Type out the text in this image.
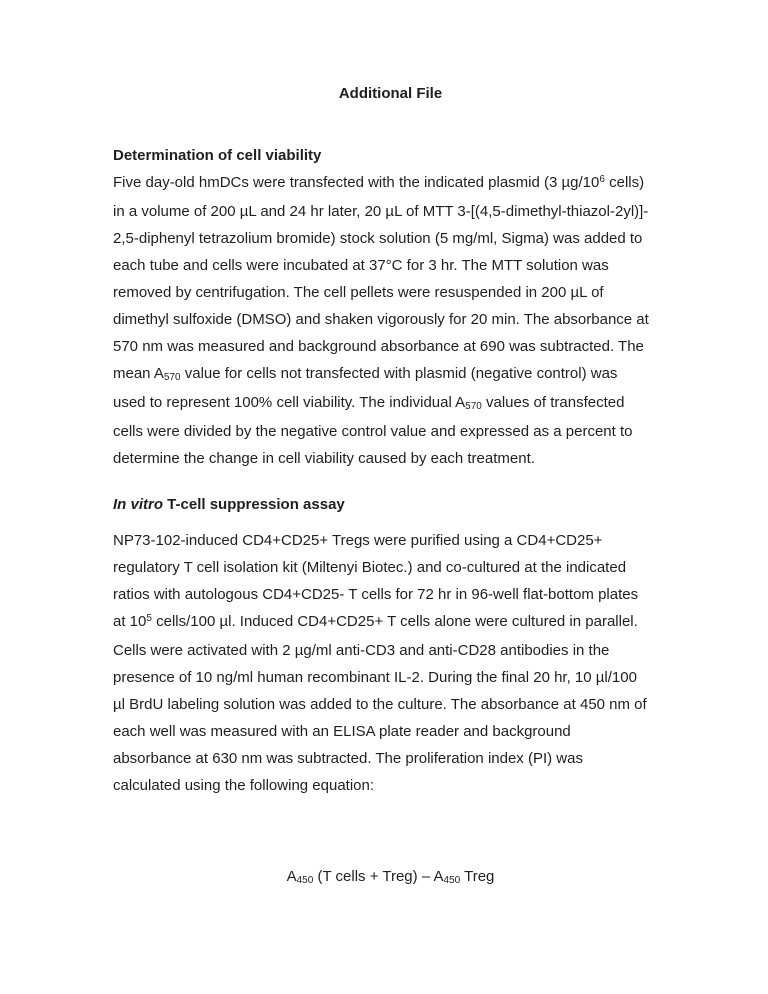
Additional File
Determination of cell viability
Five day-old hmDCs were transfected with the indicated plasmid (3 $\mu g/10^6$ cells)
in a volume of 200 µL and 24 hr later, 20 µL of MTT 3-[(4,5-dimethyl-thiazol-2yl)]-
2,5-diphenyl tetrazolium bromide) stock solution (5 mg/ml, Sigma) was added to
each tube and cells were incubated at 37°C for 3 hr. The MTT solution was
removed by centrifugation. The cell pellets were resuspended in 200 µL of
dimethyl sulfoxide (DMSO) and shaken vigorously for 20 min. The absorbance at
570 nm was measured and background absorbance at 690 was subtracted. The
mean A570 value for cells not transfected with plasmid (negative control) was
used to represent 100% cell viability. The individual A570 values of transfected
cells were divided by the negative control value and expressed as a percent to
determine the change in cell viability caused by each treatment.
In vitro T-cell suppression assay
NP73-102-induced CD4+CD25+ Tregs were purified using a CD4+CD25+
regulatory T cell isolation kit (Miltenyi Biotec.) and co-cultured at the indicated
ratios with autologous CD4+CD25- T cells for 72 hr in 96-well flat-bottom plates
at $10^5$ cells/100 µl. Induced CD4+CD25+ T cells alone were cultured in parallel.
Cells were activated with 2 µg/ml anti-CD3 and anti-CD28 antibodies in the
presence of 10 ng/ml human recombinant IL-2. During the final 20 hr, 10 µl/100
µl BrdU labeling solution was added to the culture. The absorbance at 450 nm of
each well was measured with an ELISA plate reader and background
absorbance at 630 nm was subtracted. The proliferation index (PI) was
calculated using the following equation:
A450 (T cells + Treg) – A450 Treg
